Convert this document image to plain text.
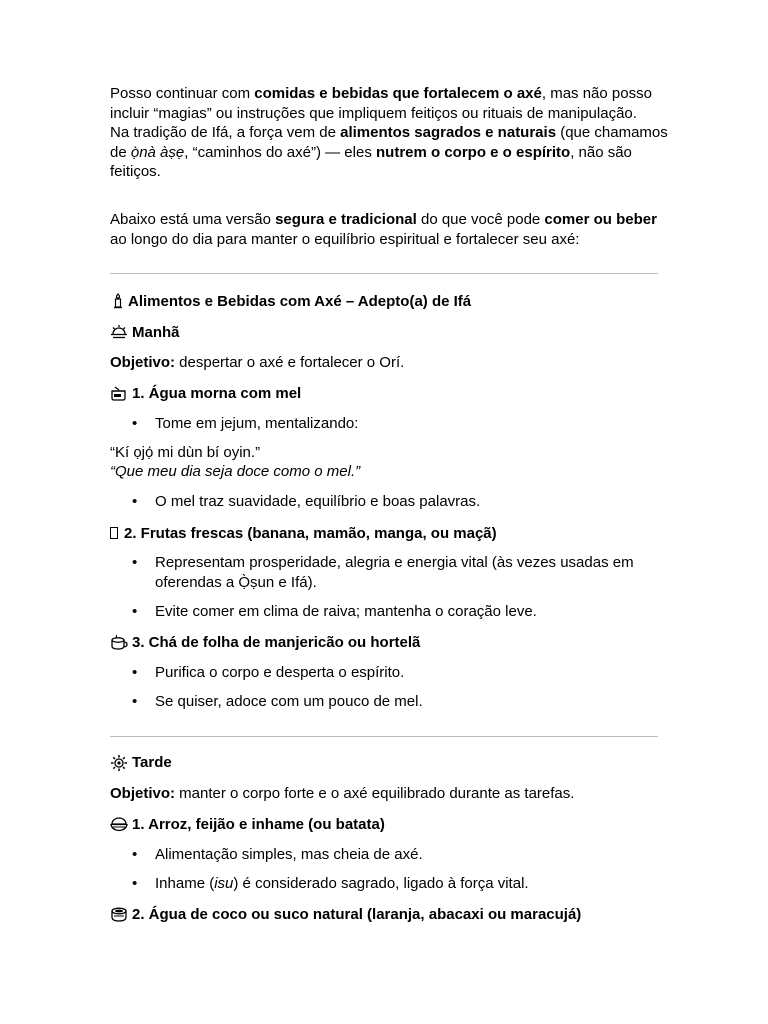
Posso continuar com comidas e bebidas que fortalecem o axé, mas não posso incluir “magias” ou instruções que impliquem feitiços ou rituais de manipulação.
Na tradição de Ifá, a força vem de alimentos sagrados e naturais (que chamamos de ọ̀nà àṣẹ, “caminhos do axé”) — eles nutrem o corpo e o espírito, não são feitiços.
Abaixo está uma versão segura e tradicional do que você pode comer ou beber ao longo do dia para manter o equilíbrio espiritual e fortalecer seu axé:
Alimentos e Bebidas com Axé – Adepto(a) de Ifá
Manhã
Objetivo: despertar o axé e fortalecer o Orí.
1. Água morna com mel
• Tome em jejum, mentalizando:
“Kí ọjọ́ mi dùn bí oyin.”
“Que meu dia seja doce como o mel.”
• O mel traz suavidade, equilíbrio e boas palavras.
2. Frutas frescas (banana, mamão, manga, ou maçã)
• Representam prosperidade, alegria e energia vital (às vezes usadas em oferendas a Ọ̀ṣun e Ifá).
• Evite comer em clima de raiva; mantenha o coração leve.
3. Chá de folha de manjericão ou hortelã
• Purifica o corpo e desperta o espírito.
• Se quiser, adoce com um pouco de mel.
Tarde
Objetivo: manter o corpo forte e o axé equilibrado durante as tarefas.
1. Arroz, feijão e inhame (ou batata)
• Alimentação simples, mas cheia de axé.
• Inhame (isu) é considerado sagrado, ligado à força vital.
2. Água de coco ou suco natural (laranja, abacaxi ou maracujá)
